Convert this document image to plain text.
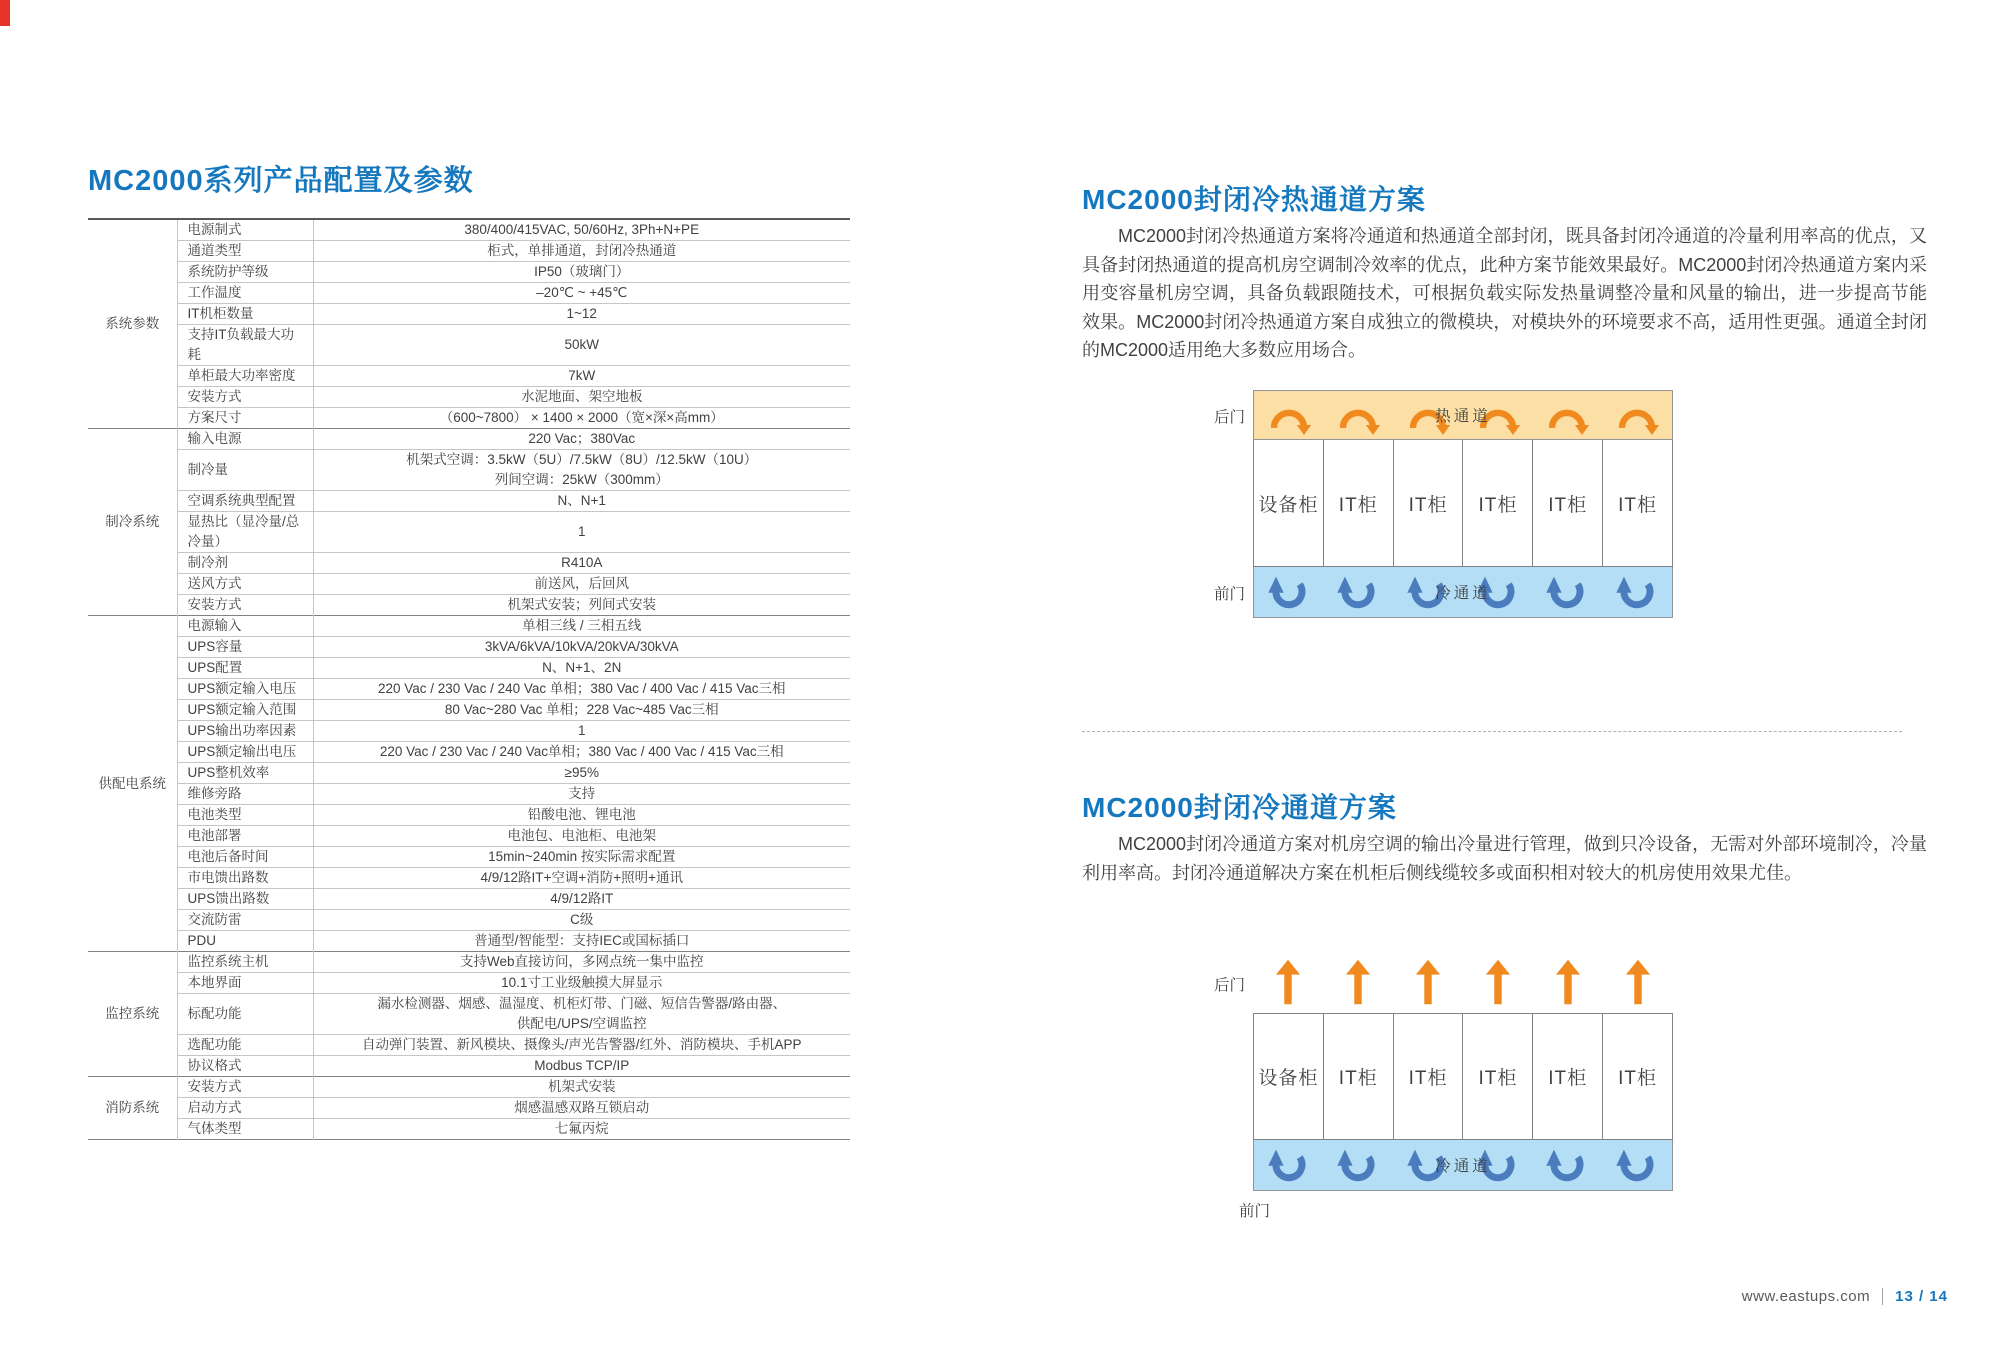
MC2000系列产品配置及参数
系统参数	电源制式	380/400/415VAC, 50/60Hz, 3Ph+N+PE

	通道类型	柜式，单排通道，封闭冷热通道

	系统防护等级	IP50（玻璃门）

	工作温度	–20℃ ~ +45℃

	IT机柜数量	1~12

	支持IT负载最大功耗	50kW

	单柜最大功率密度	7kW

	安装方式	水泥地面、架空地板

	方案尺寸	（600~7800） × 1400 × 2000（宽×深×高mm）

制冷系统	输入电源	220 Vac；380Vac

	制冷量	机架式空调：3.5kW（5U）/7.5kW（8U）/12.5kW（10U）
列间空调：25kW（300mm）

	空调系统典型配置	N、N+1

	显热比（显冷量/总冷量）	1

	制冷剂	R410A

	送风方式	前送风，后回风

	安装方式	机架式安装；列间式安装

供配电系统	电源输入	单相三线 / 三相五线

	UPS容量	3kVA/6kVA/10kVA/20kVA/30kVA

	UPS配置	N、N+1、2N

	UPS额定输入电压	220 Vac / 230 Vac / 240 Vac 单相；380 Vac / 400 Vac / 415 Vac三相

	UPS额定输入范围	80 Vac~280 Vac 单相；228 Vac~485 Vac三相

	UPS输出功率因素	1

	UPS额定输出电压	220 Vac / 230 Vac / 240 Vac单相；380 Vac / 400 Vac / 415 Vac三相

	UPS整机效率	≥95%

	维修旁路	支持

	电池类型	铅酸电池、锂电池

	电池部署	电池包、电池柜、电池架

	电池后备时间	15min~240min 按实际需求配置

	市电馈出路数	4/9/12路IT+空调+消防+照明+通讯

	UPS馈出路数	4/9/12路IT

	交流防雷	C级

	PDU	普通型/智能型：支持IEC或国标插口

监控系统	监控系统主机	支持Web直接访问，多网点统一集中监控

	本地界面	10.1寸工业级触摸大屏显示

	标配功能	漏水检测器、烟感、温湿度、机柜灯带、门磁、短信告警器/路由器、
供配电/UPS/空调监控

	选配功能	自动弹门装置、新风模块、摄像头/声光告警器/红外、消防模块、手机APP

	协议格式	Modbus TCP/IP

消防系统	安装方式	机架式安装

	启动方式	烟感温感双路互锁启动

	气体类型	七氟丙烷
MC2000封闭冷热通道方案

MC2000封闭冷热通道方案将冷通道和热通道全部封闭，既具备封闭冷通道的冷量利用率高的优点，又具备封闭热通道的提高机房空调制冷效率的优点，此种方案节能效果最好。MC2000封闭冷热通道方案内采用变容量机房空调，具备负载跟随技术，可根据负载实际发热量调整冷量和风量的输出，进一步提高节能效果。MC2000封闭冷热通道方案自成独立的微模块，对模块外的环境要求不高，适用性更强。通道全封闭的MC2000适用绝大多数应用场合。

后门	热通道
设备柜	IT柜	IT柜	IT柜	IT柜	IT柜
冷通道
前门
MC2000封闭冷通道方案

MC2000封闭冷通道方案对机房空调的输出冷量进行管理，做到只冷设备，无需对外部环境制冷，冷量利用率高。封闭冷通道解决方案在机柜后侧线缆较多或面积相对较大的机房使用效果尤佳。

后门
设备柜	IT柜	IT柜	IT柜	IT柜	IT柜
冷通道
前门
www.eastups.com 13 / 14
